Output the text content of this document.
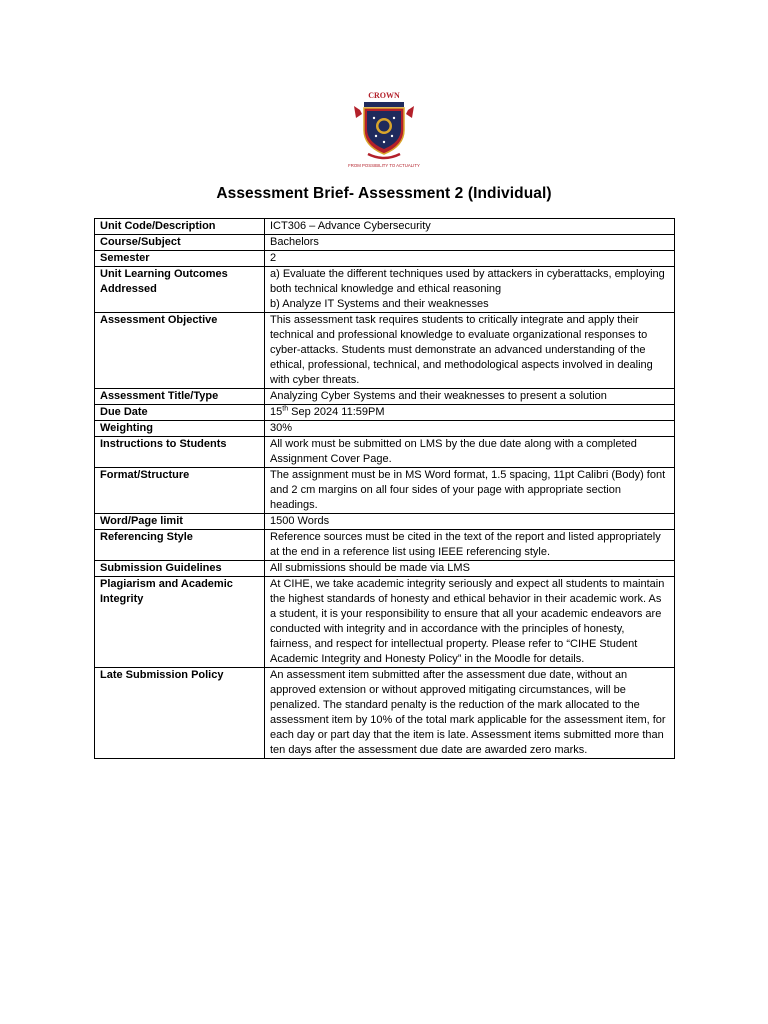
CROWN
FROM POSSIBILITY TO ACTUALITY
Assessment Brief- Assessment 2 (Individual)
Unit Code/Description	ICT306 – Advance Cybersecurity
Course/Subject	Bachelors
Semester	2
Unit Learning Outcomes Addressed	a) Evaluate the different techniques used by attackers in cyberattacks, employing both technical knowledge and ethical reasoning
b) Analyze IT Systems and their weaknesses

Assessment Objective	This assessment task requires students to critically integrate and apply their technical and professional knowledge to evaluate organizational responses to cyber-attacks. Students must demonstrate an advanced understanding of the ethical, professional, technical, and methodological aspects involved in dealing with cyber threats.
Assessment Title/Type	Analyzing Cyber Systems and their weaknesses to present a solution
Due Date	15th Sep 2024 11:59PM
Weighting	30%
Instructions to Students	All work must be submitted on LMS by the due date along with a completed Assignment Cover Page.
Format/Structure	The assignment must be in MS Word format, 1.5 spacing, 11pt Calibri (Body) font and 2 cm margins on all four sides of your page with appropriate section headings.
Word/Page limit	1500 Words
Referencing Style	Reference sources must be cited in the text of the report and listed appropriately at the end in a reference list using IEEE referencing style.
Submission Guidelines	All submissions should be made via LMS
Plagiarism and Academic Integrity	At CIHE, we take academic integrity seriously and expect all students to maintain the highest standards of honesty and ethical behavior in their academic work. As a student, it is your responsibility to ensure that all your academic endeavors are conducted with integrity and in accordance with the principles of honesty, fairness, and respect for intellectual property. Please refer to “CIHE Student Academic Integrity and Honesty Policy” in the Moodle for details.
Late Submission Policy	An assessment item submitted after the assessment due date, without an approved extension or without approved mitigating circumstances, will be penalized. The standard penalty is the reduction of the mark allocated to the assessment item by 10% of the total mark applicable for the assessment item, for each day or part day that the item is late. Assessment items submitted more than ten days after the assessment due date are awarded zero marks.
